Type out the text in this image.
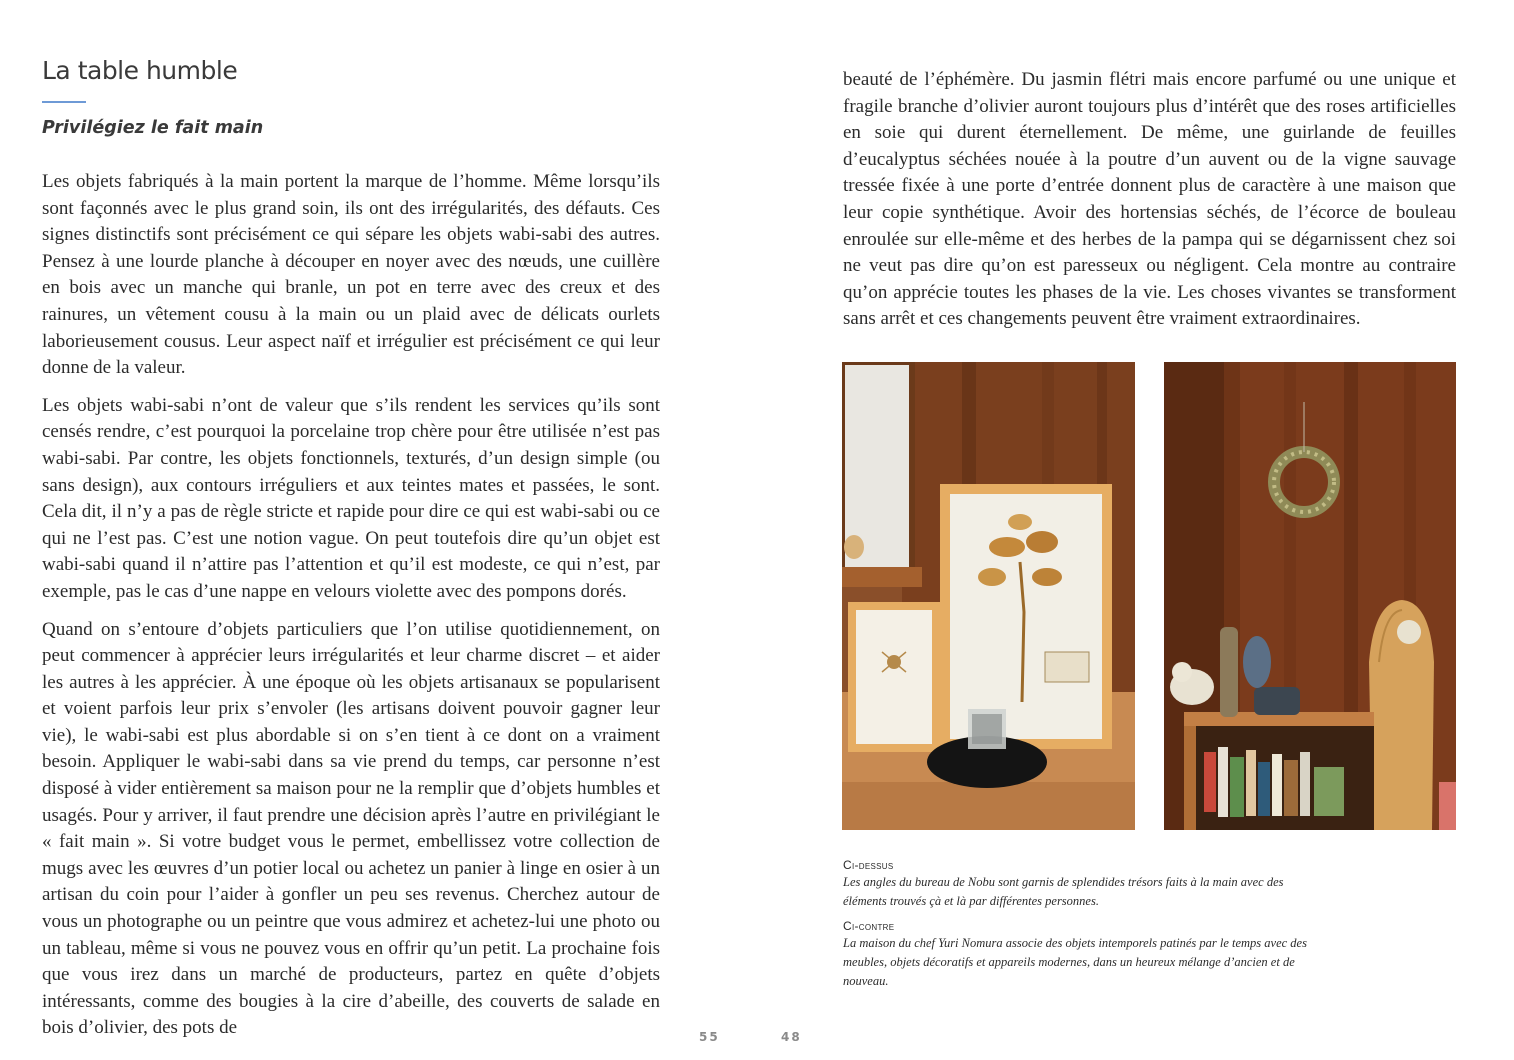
La table humble
Privilégiez le fait main

Les objets fabriqués à la main portent la marque de l’homme. Même lorsqu’ils sont façonnés avec le plus grand soin, ils ont des irrégularités, des défauts. Ces signes distinctifs sont précisément ce qui sépare les objets wabi-sabi des autres. Pensez à une lourde planche à découper en noyer avec des nœuds, une cuillère en bois avec un manche qui branle, un pot en terre avec des creux et des rainures, un vêtement cousu à la main ou un plaid avec de délicats ourlets laborieusement cousus. Leur aspect naïf et irrégulier est précisément ce qui leur donne de la valeur.

Les objets wabi-sabi n’ont de valeur que s’ils rendent les services qu’ils sont censés rendre, c’est pourquoi la porcelaine trop chère pour être utilisée n’est pas wabi-sabi. Par contre, les objets fonctionnels, texturés, d’un design simple (ou sans design), aux contours irréguliers et aux teintes mates et passées, le sont. Cela dit, il n’y a pas de règle stricte et rapide pour dire ce qui est wabi-sabi ou ce qui ne l’est pas. C’est une notion vague. On peut toutefois dire qu’un objet est wabi-sabi quand il n’attire pas l’attention et qu’il est modeste, ce qui n’est, par exemple, pas le cas d’une nappe en velours violette avec des pompons dorés.

Quand on s’entoure d’objets particuliers que l’on utilise quotidiennement, on peut commencer à apprécier leurs irrégularités et leur charme discret – et aider les autres à les apprécier. À une époque où les objets artisanaux se popularisent et voient parfois leur prix s’envoler (les artisans doivent pouvoir gagner leur vie), le wabi-sabi est plus abordable si on s’en tient à ce dont on a vraiment besoin. Appliquer le wabi-sabi dans sa vie prend du temps, car personne n’est disposé à vider entièrement sa maison pour ne la remplir que d’objets humbles et usagés. Pour y arriver, il faut prendre une décision après l’autre en privilégiant le « fait main ». Si votre budget vous le permet, embellissez votre collection de mugs avec les œuvres d’un potier local ou achetez un panier à linge en osier à un artisan du coin pour l’aider à gonfler un peu ses revenus. Cherchez autour de vous un photographe ou un peintre que vous admirez et achetez-lui une photo ou un tableau, même si vous ne pouvez vous en offrir qu’un petit. La prochaine fois que vous irez dans un marché de producteurs, partez en quête d’objets intéressants, comme des bougies à la cire d’abeille, des couverts de salade en bois d’olivier, des pots de	55

beauté de l’éphémère. Du jasmin flétri mais encore parfumé ou une unique et fragile branche d’olivier auront toujours plus d’intérêt que des roses artificielles en soie qui durent éternellement. De même, une guirlande de feuilles d’eucalyptus séchées nouée à la poutre d’un auvent ou de la vigne sauvage tressée fixée à une porte d’entrée donnent plus de caractère à une maison que leur copie synthétique. Avoir des hortensias séchés, de l’écorce de bouleau enroulée sur elle-même et des herbes de la pampa qui se dégarnissent chez soi ne veut pas dire qu’on est paresseux ou négligent. Cela montre au contraire qu’on apprécie toutes les phases de la vie. Les choses vivantes se transforment sans arrêt et ces changements peuvent être vraiment extraordinaires.

Ci-dessus

Les angles du bureau de Nobu sont garnis de splendides trésors faits à la main avec des éléments trouvés çà et là par différentes personnes.

Ci-contre

La maison du chef Yuri Nomura associe des objets intemporels patinés par le temps avec des meubles, objets décoratifs et appareils modernes, dans un heureux mélange d’ancien et de nouveau.

48
